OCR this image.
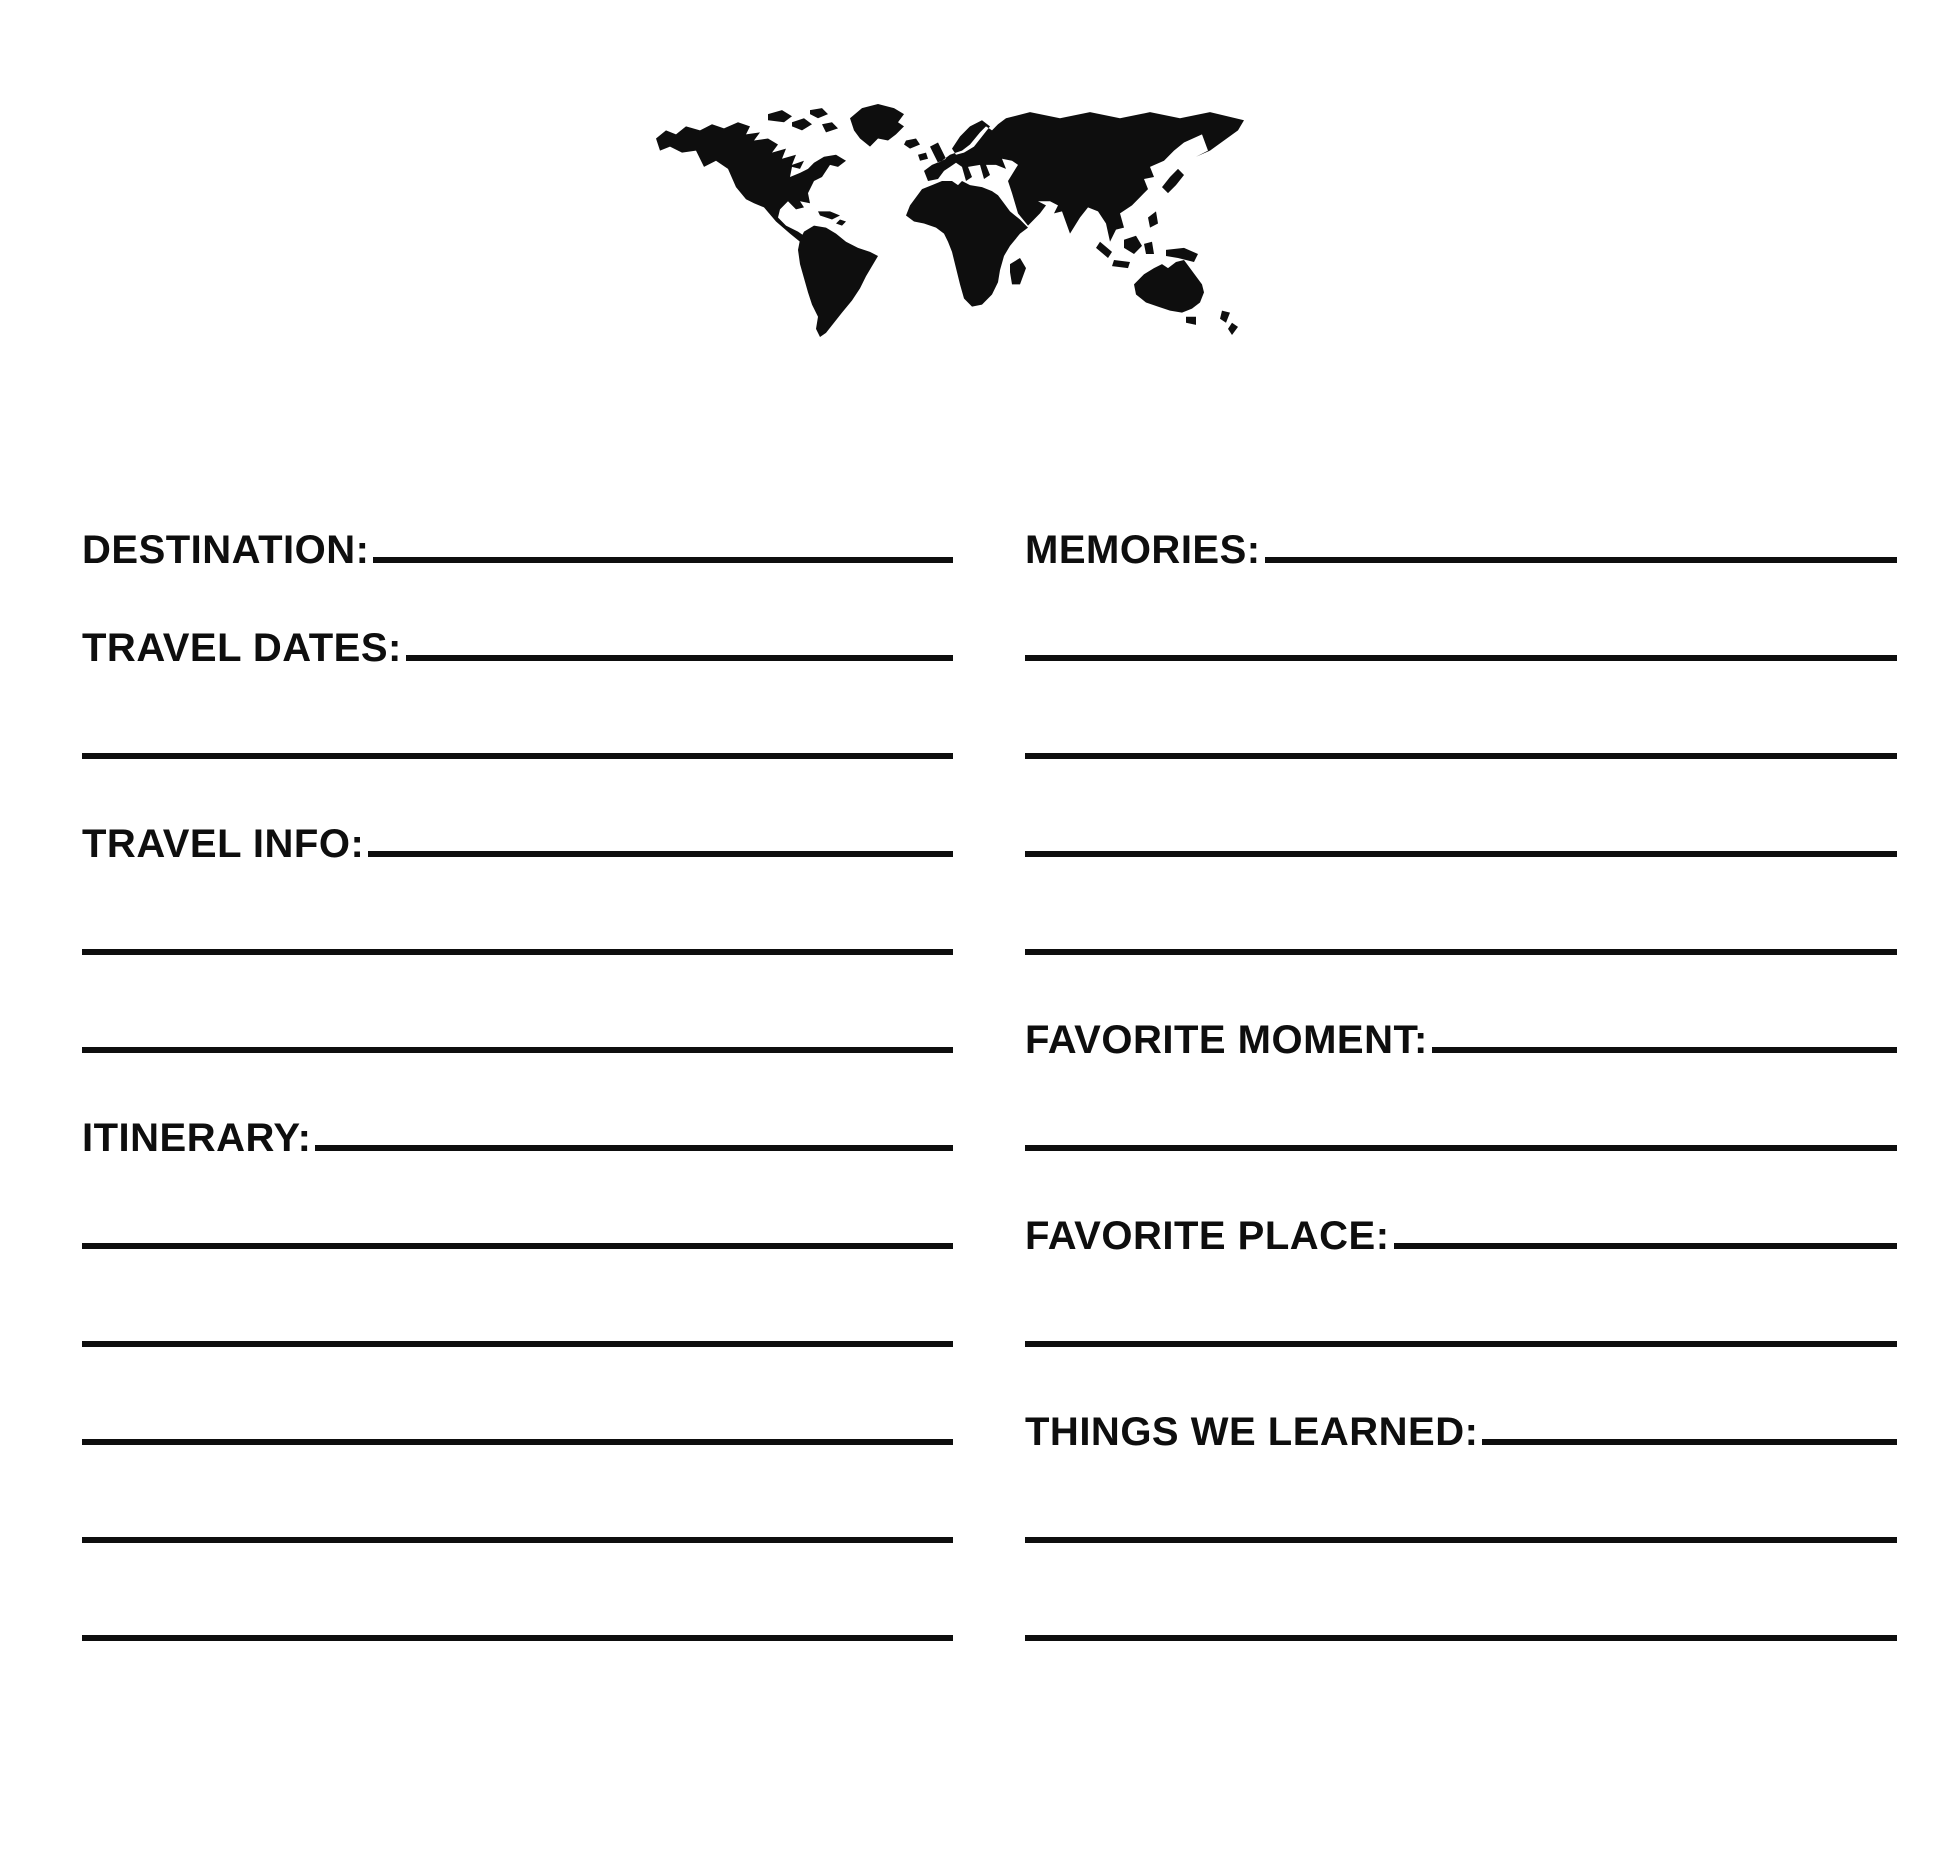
DESTINATION:
TRAVEL DATES:
TRAVEL INFO:
ITINERARY:
MEMORIES:
FAVORITE MOMENT:
FAVORITE PLACE:
THINGS WE LEARNED:
